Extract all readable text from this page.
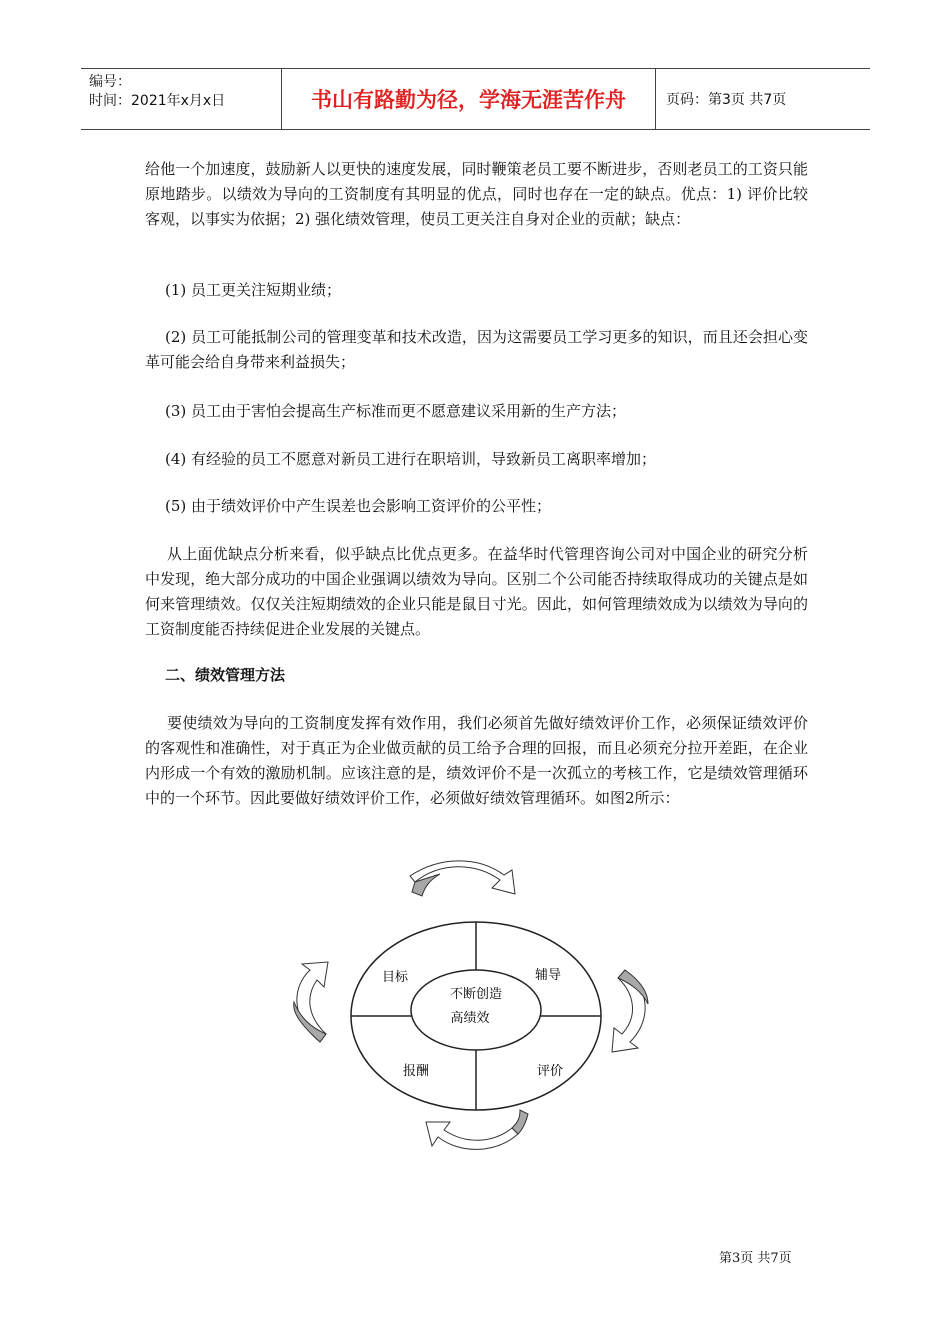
编号：
时间：2021年x月x日	书山有路勤为径，学海无涯苦作舟	页码：第3页 共7页
给他一个加速度，鼓励新人以更快的速度发展，同时鞭策老员工要不断进步，否则老员工的工资只能原地踏步。以绩效为导向的工资制度有其明显的优点，同时也存在一定的缺点。优点：1) 评价比较客观，以事实为依据；2) 强化绩效管理，使员工更关注自身对企业的贡献；缺点：
(1) 员工更关注短期业绩；
(2) 员工可能抵制公司的管理变革和技术改造，因为这需要员工学习更多的知识，而且还会担心变革可能会给自身带来利益损失；
(3) 员工由于害怕会提高生产标准而更不愿意建议采用新的生产方法；
(4) 有经验的员工不愿意对新员工进行在职培训，导致新员工离职率增加；
(5) 由于绩效评价中产生误差也会影响工资评价的公平性；
从上面优缺点分析来看，似乎缺点比优点更多。在益华时代管理咨询公司对中国企业的研究分析中发现，绝大部分成功的中国企业强调以绩效为导向。区别二个公司能否持续取得成功的关键点是如何来管理绩效。仅仅关注短期绩效的企业只能是鼠目寸光。因此，如何管理绩效成为以绩效为导向的工资制度能否持续促进企业发展的关键点。
二、绩效管理方法
要使绩效为导向的工资制度发挥有效作用，我们必须首先做好绩效评价工作，必须保证绩效评价的客观性和准确性，对于真正为企业做贡献的员工给予合理的回报，而且必须充分拉开差距，在企业内形成一个有效的激励机制。应该注意的是，绩效评价不是一次孤立的考核工作，它是绩效管理循环中的一个环节。因此要做好绩效评价工作，必须做好绩效管理循环。如图2所示：
不断创造
高绩效
目标	辅导
报酬	评价
第3页 共7页
